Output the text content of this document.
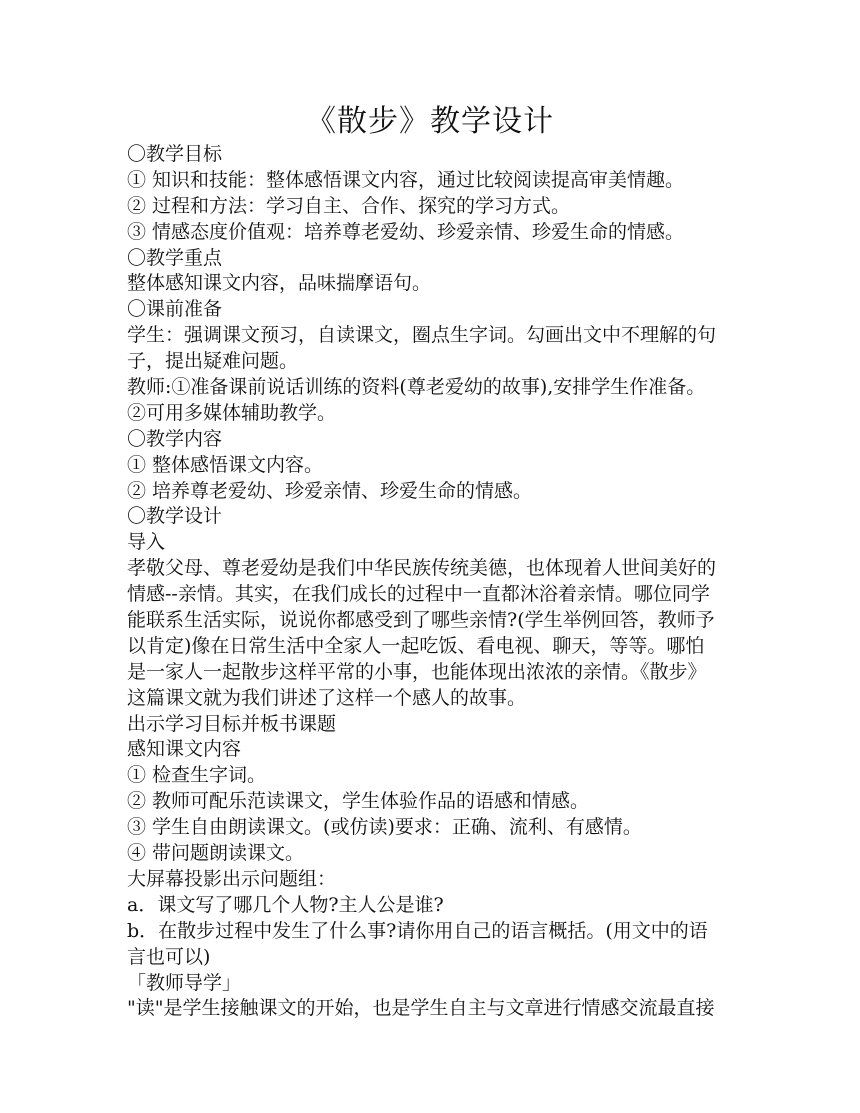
《散步》教学设计
〇教学目标
① 知识和技能：整体感悟课文内容，通过比较阅读提高审美情趣。
② 过程和方法：学习自主、合作、探究的学习方式。
③ 情感态度价值观：培养尊老爱幼、珍爱亲情、珍爱生命的情感。
〇教学重点
整体感知课文内容，品味揣摩语句。
〇课前准备
学生：强调课文预习，自读课文，圈点生字词。勾画出文中不理解的句
子，提出疑难问题。
教师:①准备课前说话训练的资料(尊老爱幼的故事),安排学生作准备。
②可用多媒体辅助教学。
〇教学内容
① 整体感悟课文内容。
② 培养尊老爱幼、珍爱亲情、珍爱生命的情感。
〇教学设计
导入
孝敬父母、尊老爱幼是我们中华民族传统美德，也体现着人世间美好的
情感--亲情。其实，在我们成长的过程中一直都沐浴着亲情。哪位同学
能联系生活实际，说说你都感受到了哪些亲情?(学生举例回答，教师予
以肯定)像在日常生活中全家人一起吃饭、看电视、聊天，等等。哪怕
是一家人一起散步这样平常的小事，也能体现出浓浓的亲情。《散步》
这篇课文就为我们讲述了这样一个感人的故事。
出示学习目标并板书课题
感知课文内容
① 检查生字词。
② 教师可配乐范读课文，学生体验作品的语感和情感。
③ 学生自由朗读课文。(或仿读)要求：正确、流利、有感情。
④ 带问题朗读课文。
大屏幕投影出示问题组：
a．课文写了哪几个人物?主人公是谁?
b．在散步过程中发生了什么事?请你用自己的语言概括。(用文中的语
言也可以)
「教师导学」
"读"是学生接触课文的开始，也是学生自主与文章进行情感交流最直接
